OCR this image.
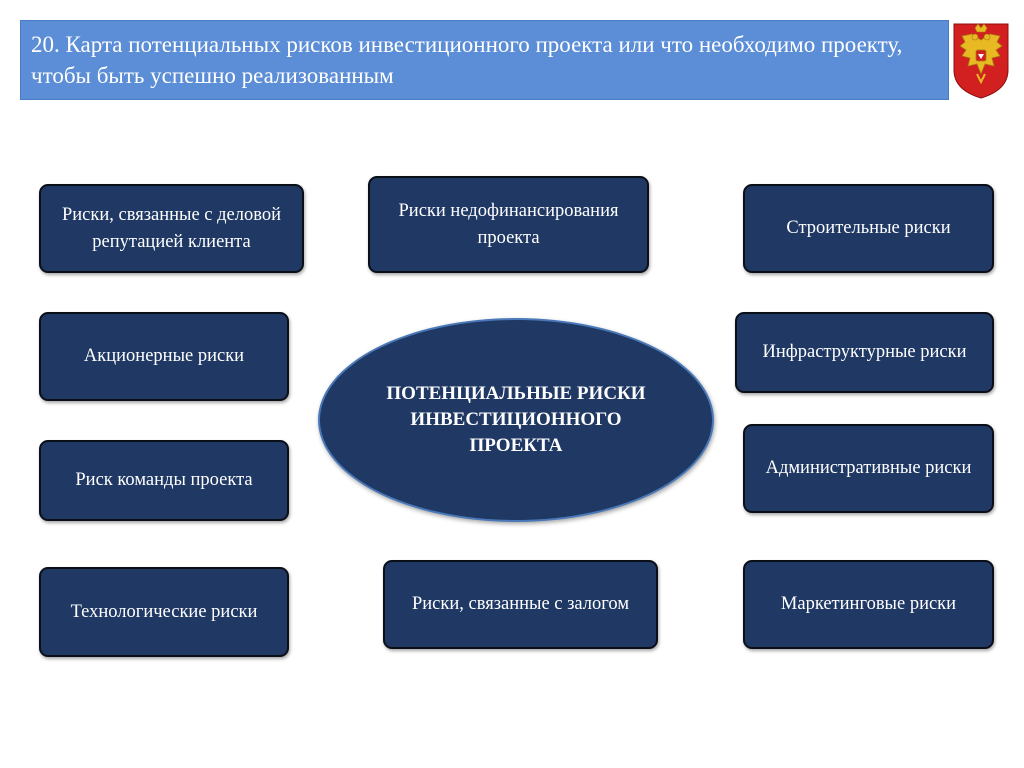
20. Карта потенциальных рисков инвестиционного проекта или что необходимо проекту, чтобы быть успешно реализованным
Риски, связанные с деловой репутацией клиента
Риски недофинансирования проекта	Строительные риски
Акционерные риски	Инфраструктурные риски
Риск команды проекта
Административные риски
Технологические риски	Риски, связанные с залогом	Маркетинговые риски
ПОТЕНЦИАЛЬНЫЕ РИСКИ ИНВЕСТИЦИОННОГО ПРОЕКТА
